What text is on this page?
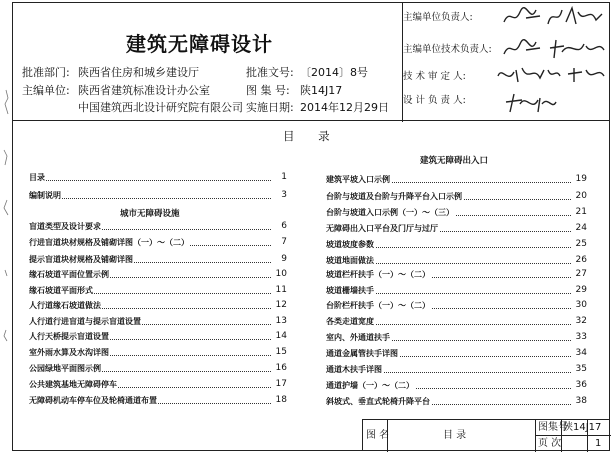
建筑无障碍设计
批准部门: 陕西省住房和城乡建设厅	批准文号: 〔2014〕8号
主编单位: 陕西省建筑标准设计办公室	图 集 号: 陕14J17
中国建筑西北设计研究院有限公司 实施日期: 2014年12月29日
主编单位负责人:
主编单位技术负责人:
技 术 审 定 人:
设 计 负 责 人:
目 录
城市无障碍设施
建筑无障碍出入口
目录	1
编制说明	3
盲道类型及设计要求	6
行进盲道块材规格及铺砌详图（一）～（二）	7
提示盲道块材规格及铺砌详图	9
缘石坡道平面位置示例	10
缘石坡道平面形式	11
人行道缘石坡道做法	12
人行道行进盲道与提示盲道设置	13
人行天桥提示盲道设置	14
室外雨水算及水沟详图	15
公园绿地平面图示例	16
公共建筑基地无障碍停车	17
无障碍机动车停车位及轮椅通道布置	18
建筑平坡入口示例	19
台阶与坡道及台阶与升降平台入口示例	20
台阶与坡道入口示例（一）～（三）	21
无障碍出入口平台及门厅与过厅	24
坡道坡度参数	25
坡道地面做法	26
坡道栏杆扶手（一）～（二）	27
坡道栅墙扶手	29
台阶栏杆扶手（一）～（二）	30
各类走道宽度	32
室内、外通道扶手	33
通道金属管扶手详图	34
通道木扶手详图	35
通道护墙（一）～（二）	36
斜坡式、垂直式轮椅升降平台	38
图 名	目 录
图集号
陕14J17
页 次	1
